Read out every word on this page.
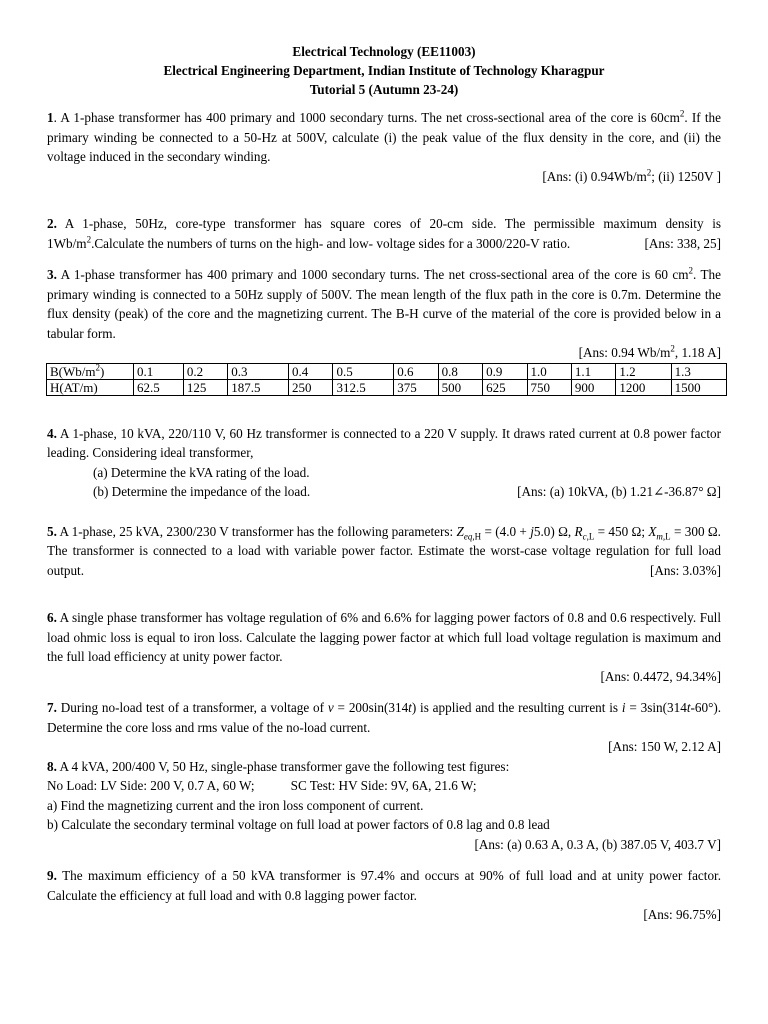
Electrical Technology (EE11003)
Electrical Engineering Department, Indian Institute of Technology Kharagpur
Tutorial 5 (Autumn 23-24)

1. A 1-phase transformer has 400 primary and 1000 secondary turns. The net cross-sectional area of the core is $60cm^2$. If the primary winding be connected to a 50-Hz at 500V, calculate (i) the peak value of the flux density in the core, and (ii) the voltage induced in the secondary winding.

[Ans: (i) $0.94Wb/m^2$; (ii) 1250V ]

2. A 1-phase, 50Hz, core-type transformer has square cores of 20-cm side. The permissible maximum density is $1Wb/m^2.Calculate$ the numbers of turns on the high- and low- voltage sides for a 3000/220-V ratio.	[Ans: 338, 25]

3. A 1-phase transformer has 400 primary and 1000 secondary turns. The net cross-sectional area of the core is 60 $cm^2$. The primary winding is connected to a 50Hz supply of 500V. The mean length of the flux path in the core is 0.7m. Determine the flux density (peak) of the core and the magnetizing current. The B-H curve of the material of the core is provided below in a tabular form.

[Ans: 0.94 $Wb/m^2$, 1.18 A]

$B(Wb/m^2)$	0.1	0.2	0.3	0.4	0.5	0.6	0.8	0.9	1.0	1.1	1.2	1.3
H(AT/m)	62.5	125	187.5	250	312.5	375	500	625	750	900	1200	1500

4. A 1-phase, 10 kVA, 220/110 V, 60 Hz transformer is connected to a 220 V supply. It draws rated current at 0.8 power factor leading. Considering ideal transformer,

(a) Determine the kVA rating of the load.

(b) Determine the impedance of the load.	[Ans: (a) 10kVA, (b) 1.21∠-36.87° Ω]

5. A 1-phase, 25 kVA, 2300/230 V transformer has the following parameters: $Z_{eq,H} = (4.0 + j5.0)$ Ω, $R_{c,L} = 450$ Ω; $X_{m,L} = 300$ Ω. The transformer is connected to a load with variable power factor. Estimate the worst-case voltage regulation for full load output.	[Ans: 3.03%]

6. A single phase transformer has voltage regulation of 6% and 6.6% for lagging power factors of 0.8 and 0.6 respectively. Full load ohmic loss is equal to iron loss. Calculate the lagging power factor at which full load voltage regulation is maximum and the full load efficiency at unity power factor.

[Ans: 0.4472, 94.34%]

7. During no-load test of a transformer, a voltage of v = 200sin(314t) is applied and the resulting current is i = 3sin(314t-60°). Determine the core loss and rms value of the no-load current.

[Ans: 150 W, 2.12 A]

8. A 4 kVA, 200/400 V, 50 Hz, single-phase transformer gave the following test figures:

No Load: LV Side: 200 V, 0.7 A, 60 W;	SC Test: HV Side: 9V, 6A, 21.6 W;

a) Find the magnetizing current and the iron loss component of current.

b) Calculate the secondary terminal voltage on full load at power factors of 0.8 lag and 0.8 lead

[Ans: (a) 0.63 A, 0.3 A, (b) 387.05 V, 403.7 V]

9. The maximum efficiency of a 50 kVA transformer is 97.4% and occurs at 90% of full load and at unity power factor. Calculate the efficiency at full load and with 0.8 lagging power factor.

[Ans: 96.75%]
